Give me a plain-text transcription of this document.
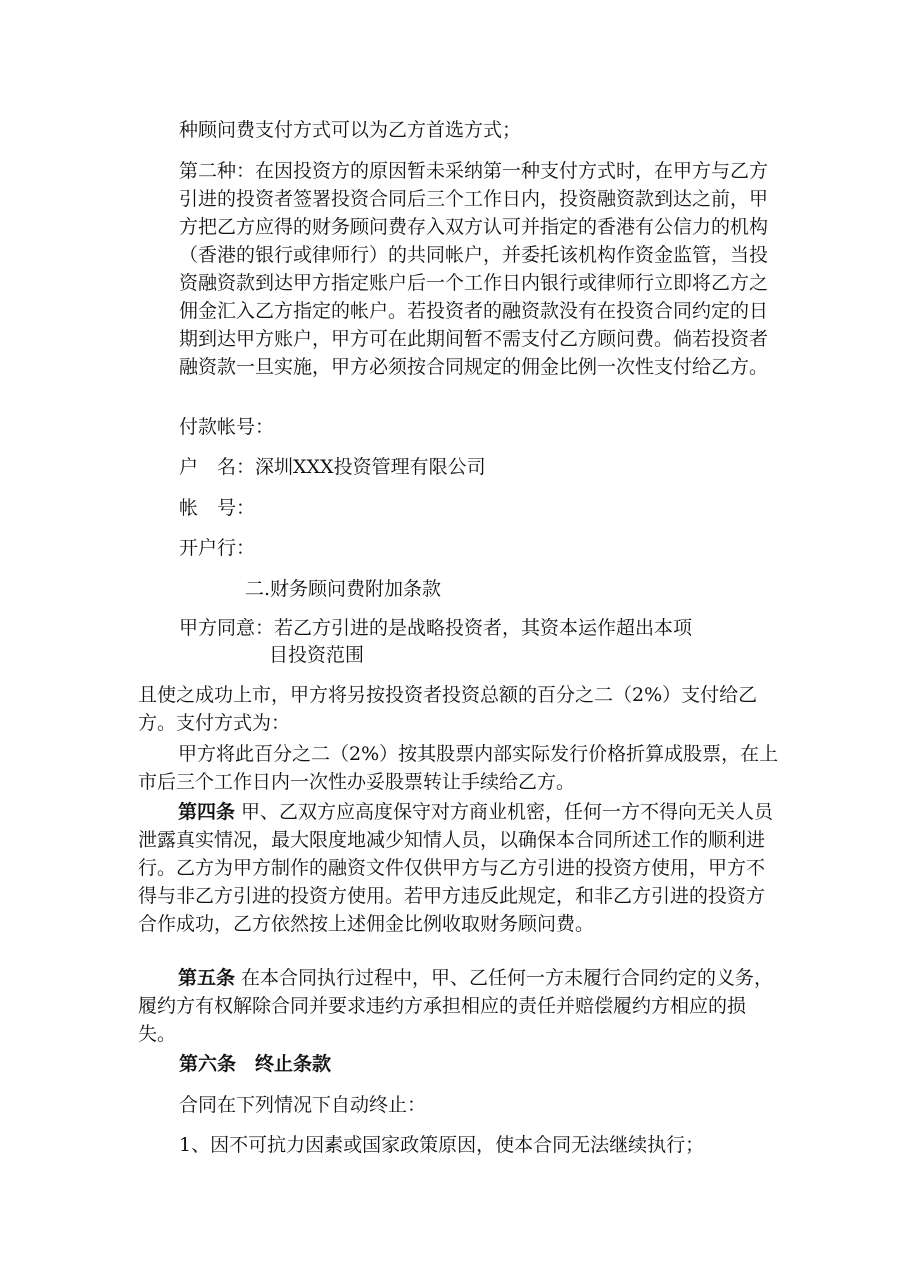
种顾问费支付方式可以为乙方首选方式；

第二种：在因投资方的原因暂未采纳第一种支付方式时，在甲方与乙方引进的投资者签署投资合同后三个工作日内，投资融资款到达之前，甲方把乙方应得的财务顾问费存入双方认可并指定的香港有公信力的机构（香港的银行或律师行）的共同帐户，并委托该机构作资金监管，当投资融资款到达甲方指定账户后一个工作日内银行或律师行立即将乙方之佣金汇入乙方指定的帐户。若投资者的融资款没有在投资合同约定的日期到达甲方账户，甲方可在此期间暂不需支付乙方顾问费。倘若投资者融资款一旦实施，甲方必须按合同规定的佣金比例一次性支付给乙方。

付款帐号：

户　名：深圳XXX投资管理有限公司

帐　号：

开户行：

二.财务顾问费附加条款

甲方同意：若乙方引进的是战略投资者，其资本运作超出本项

目投资范围

且使之成功上市，甲方将另按投资者投资总额的百分之二（2%）支付给乙方。支付方式为：

甲方将此百分之二（2%）按其股票内部实际发行价格折算成股票，在上市后三个工作日内一次性办妥股票转让手续给乙方。

第四条 甲、乙双方应高度保守对方商业机密，任何一方不得向无关人员泄露真实情况，最大限度地减少知情人员，以确保本合同所述工作的顺利进行。乙方为甲方制作的融资文件仅供甲方与乙方引进的投资方使用，甲方不得与非乙方引进的投资方使用。若甲方违反此规定，和非乙方引进的投资方合作成功，乙方依然按上述佣金比例收取财务顾问费。

第五条 在本合同执行过程中，甲、乙任何一方未履行合同约定的义务，履约方有权解除合同并要求违约方承担相应的责任并赔偿履约方相应的损失。

第六条　终止条款

合同在下列情况下自动终止：

1、因不可抗力因素或国家政策原因，使本合同无法继续执行；
